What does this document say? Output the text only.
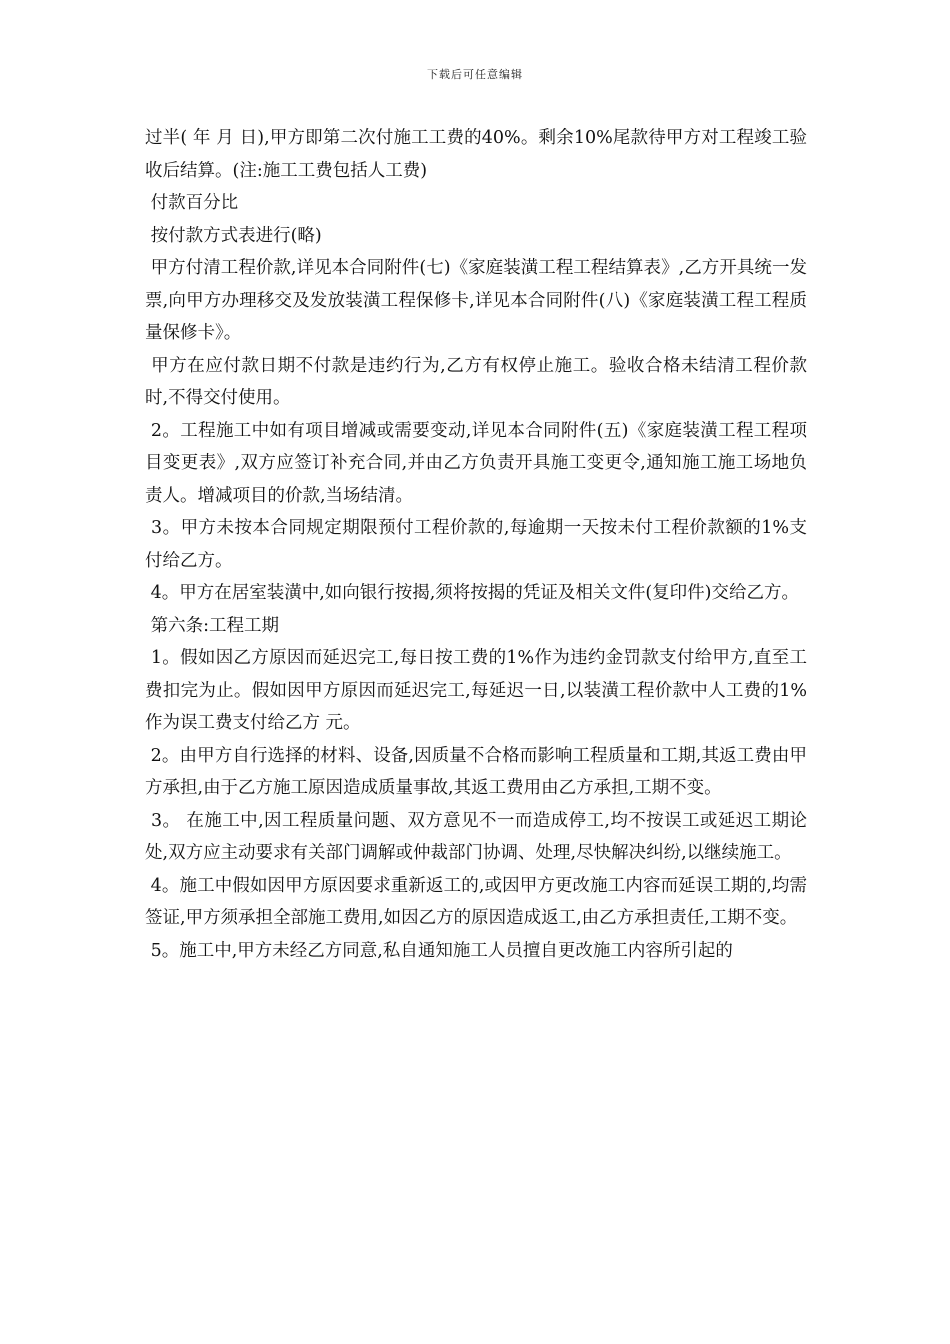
下载后可任意编辑

过半( 年 月 日),甲方即第二次付施工工费的40%。剩余10%尾款待甲方对工程竣工验收后结算。(注:施工工费包括人工费)

付款百分比

按付款方式表进行(略)

甲方付清工程价款,详见本合同附件(七)《家庭装潢工程工程结算表》,乙方开具统一发票,向甲方办理移交及发放装潢工程保修卡,详见本合同附件(八)《家庭装潢工程工程质量保修卡》。

甲方在应付款日期不付款是违约行为,乙方有权停止施工。验收合格未结清工程价款时,不得交付使用。

2。工程施工中如有项目增减或需要变动,详见本合同附件(五)《家庭装潢工程工程项目变更表》,双方应签订补充合同,并由乙方负责开具施工变更令,通知施工施工场地负责人。增减项目的价款,当场结清。

3。甲方未按本合同规定期限预付工程价款的,每逾期一天按未付工程价款额的1%支付给乙方。

4。甲方在居室装潢中,如向银行按揭,须将按揭的凭证及相关文件(复印件)交给乙方。

第六条:工程工期

1。假如因乙方原因而延迟完工,每日按工费的1%作为违约金罚款支付给甲方,直至工费扣完为止。假如因甲方原因而延迟完工,每延迟一日,以装潢工程价款中人工费的1%作为误工费支付给乙方 元。

2。由甲方自行选择的材料、设备,因质量不合格而影响工程质量和工期,其返工费由甲方承担,由于乙方施工原因造成质量事故,其返工费用由乙方承担,工期不变。

3。 在施工中,因工程质量问题、双方意见不一而造成停工,均不按误工或延迟工期论处,双方应主动要求有关部门调解或仲裁部门协调、处理,尽快解决纠纷,以继续施工。

4。施工中假如因甲方原因要求重新返工的,或因甲方更改施工内容而延误工期的,均需签证,甲方须承担全部施工费用,如因乙方的原因造成返工,由乙方承担责任,工期不变。

5。施工中,甲方未经乙方同意,私自通知施工人员擅自更改施工内容所引起的
